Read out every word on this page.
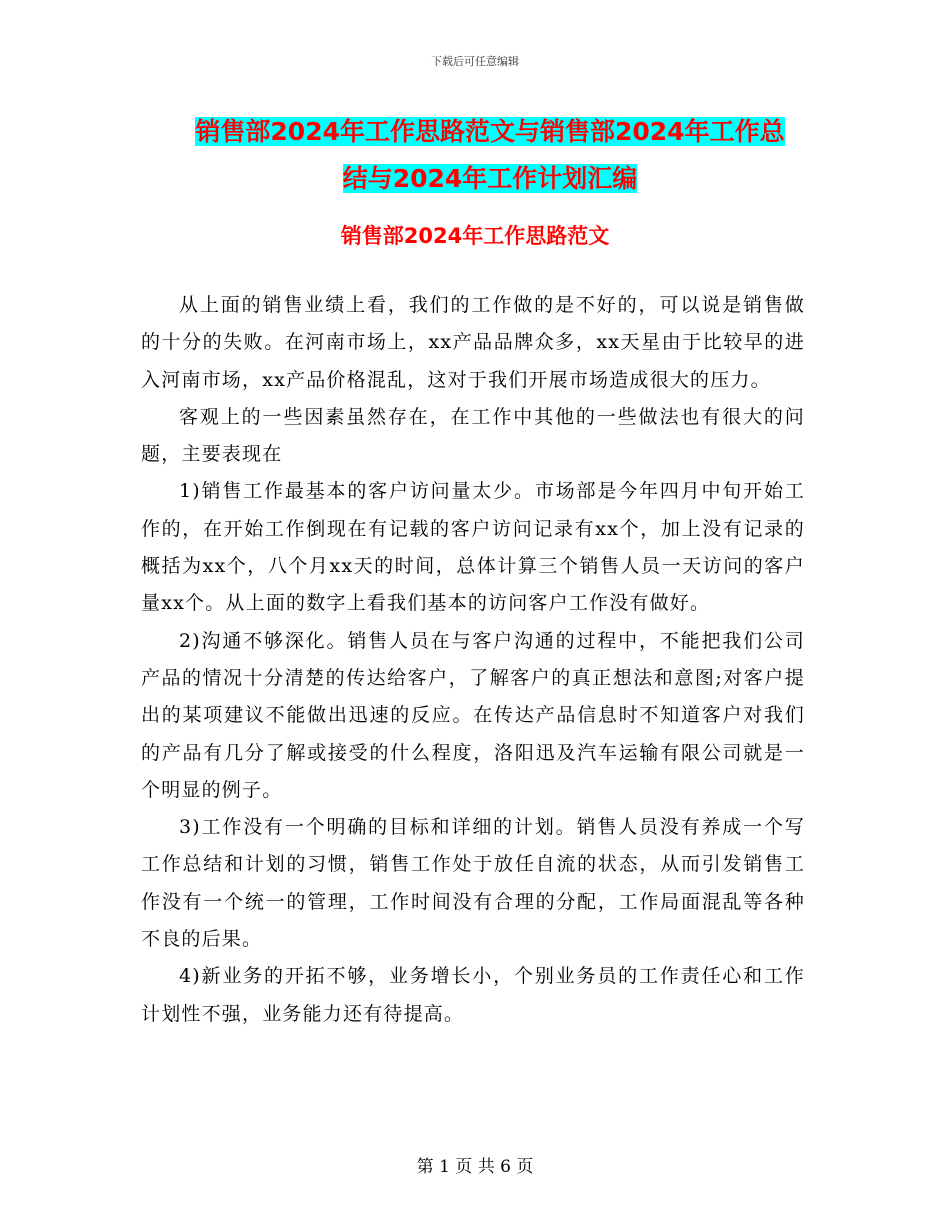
下载后可任意编辑
销售部2024年工作思路范文与销售部2024年工作总
结与2024年工作计划汇编
销售部2024年工作思路范文

从上面的销售业绩上看，我们的工作做的是不好的，可以说是销售做的十分的失败。在河南市场上，xx产品品牌众多，xx天星由于比较早的进入河南市场，xx产品价格混乱，这对于我们开展市场造成很大的压力。

客观上的一些因素虽然存在，在工作中其他的一些做法也有很大的问题，主要表现在

1)销售工作最基本的客户访问量太少。市场部是今年四月中旬开始工作的，在开始工作倒现在有记载的客户访问记录有xx个，加上没有记录的概括为xx个，八个月xx天的时间，总体计算三个销售人员一天访问的客户量xx个。从上面的数字上看我们基本的访问客户工作没有做好。

2)沟通不够深化。销售人员在与客户沟通的过程中，不能把我们公司产品的情况十分清楚的传达给客户，了解客户的真正想法和意图;对客户提出的某项建议不能做出迅速的反应。在传达产品信息时不知道客户对我们的产品有几分了解或接受的什么程度，洛阳迅及汽车运输有限公司就是一个明显的例子。

3)工作没有一个明确的目标和详细的计划。销售人员没有养成一个写工作总结和计划的习惯，销售工作处于放任自流的状态，从而引发销售工作没有一个统一的管理，工作时间没有合理的分配，工作局面混乱等各种不良的后果。

4)新业务的开拓不够，业务增长小，个别业务员的工作责任心和工作计划性不强，业务能力还有待提高。

第 1 页 共 6 页
